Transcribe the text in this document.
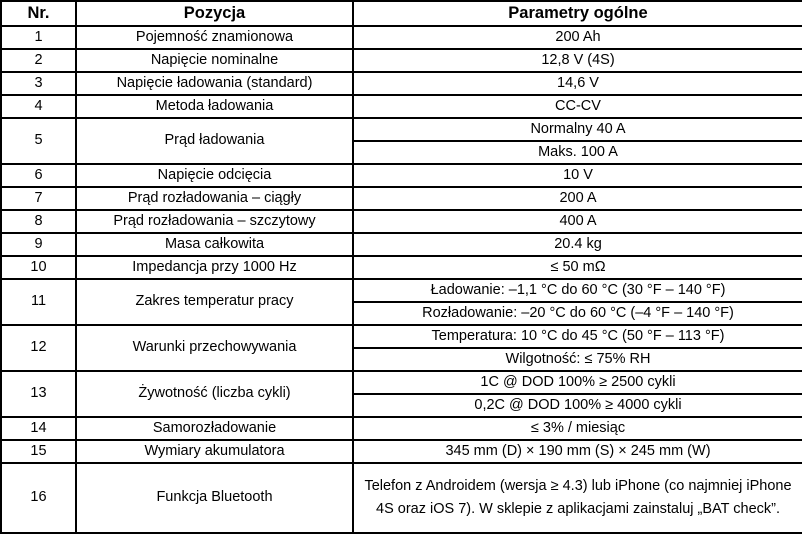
Nr.	Pozycja	Parametry ogólne
1	Pojemność znamionowa	200 Ah
2	Napięcie nominalne	12,8 V (4S)
3	Napięcie ładowania (standard)	14,6 V
4	Metoda ładowania	CC-CV
5	Prąd ładowania	Normalny 40 A
		Maks. 100 A
6	Napięcie odcięcia	10 V
7	Prąd rozładowania – ciągły	200 A
8	Prąd rozładowania – szczytowy	400 A
9	Masa całkowita	20.4 kg
10	Impedancja przy 1000 Hz	≤ 50 mΩ
11	Zakres temperatur pracy	Ładowanie: –1,1 °C do 60 °C (30 °F – 140 °F)
		Rozładowanie: –20 °C do 60 °C (–4 °F – 140 °F)
12	Warunki przechowywania	Temperatura: 10 °C do 45 °C (50 °F – 113 °F)
		Wilgotność: ≤ 75% RH
13	Żywotność (liczba cykli)	1C @ DOD 100% ≥ 2500 cykli
		0,2C @ DOD 100% ≥ 4000 cykli
14	Samorozładowanie	≤ 3% / miesiąc
15	Wymiary akumulatora	345 mm (D) × 190 mm (S) × 245 mm (W)
16	Funkcja Bluetooth	Telefon z Androidem (wersja ≥ 4.3) lub iPhone (co najmniej iPhone 4S oraz iOS 7). W sklepie z aplikacjami zainstaluj „BAT check”.
